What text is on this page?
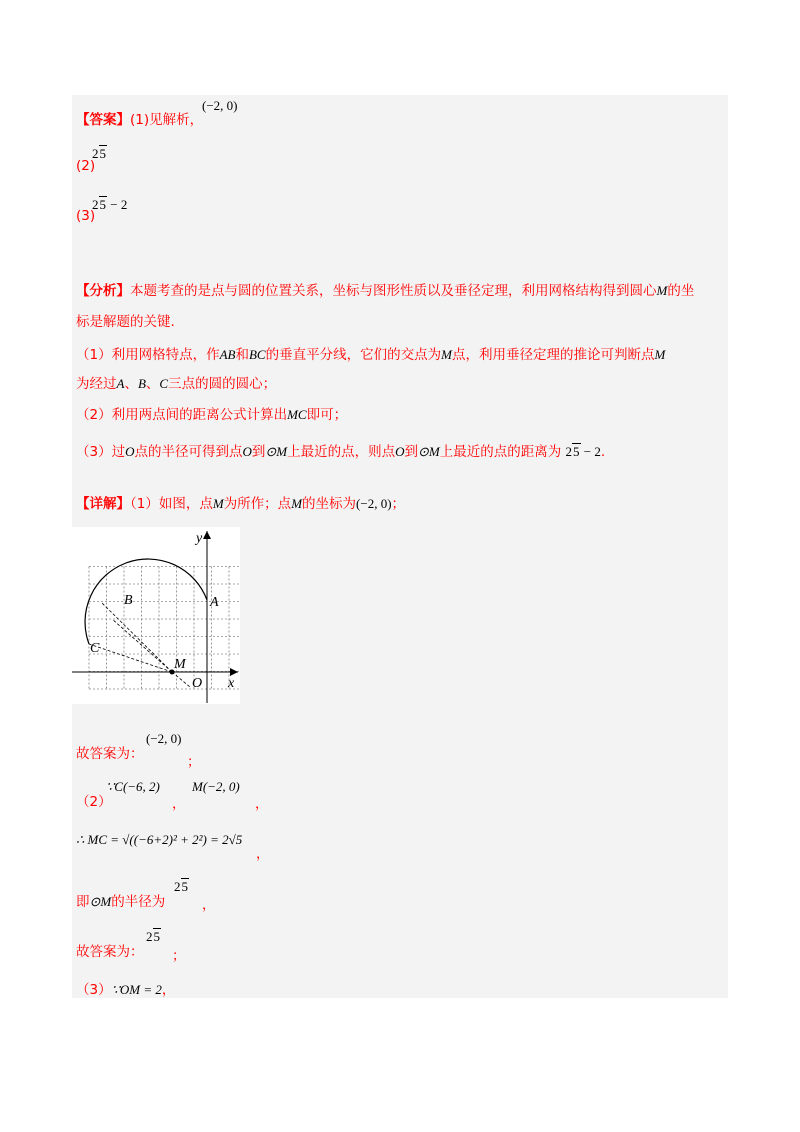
【答案】(1)见解析，
(−2, 0)
(2)
25
(3)
25 − 2
【分析】本题考查的是点与圆的位置关系，坐标与图形性质以及垂径定理，利用网格结构得到圆心M的坐
标是解题的关键.
（1）利用网格特点，作AB和BC的垂直平分线，它们的交点为M点，利用垂径定理的推论可判断点M
为经过A、B、C三点的圆的圆心；
（2）利用两点间的距离公式计算出MC即可；
（3）过O点的半径可得到点O到⊙M上最近的点，则点O到⊙M上最近的点的距离为 25 − 2.
【详解】（1）如图，点M为所作；点M的坐标为(−2, 0)；
y
x
A
B
C
M
O
故答案为：
(−2, 0)
；
（2）
∵C(−6, 2)
，
M(−2, 0)
，
∴ MC = √((−6+2)² + 2²) = 2√5
，
即⊙M的半径为
25
，
故答案为：
25
；
（3）∵OM = 2，
